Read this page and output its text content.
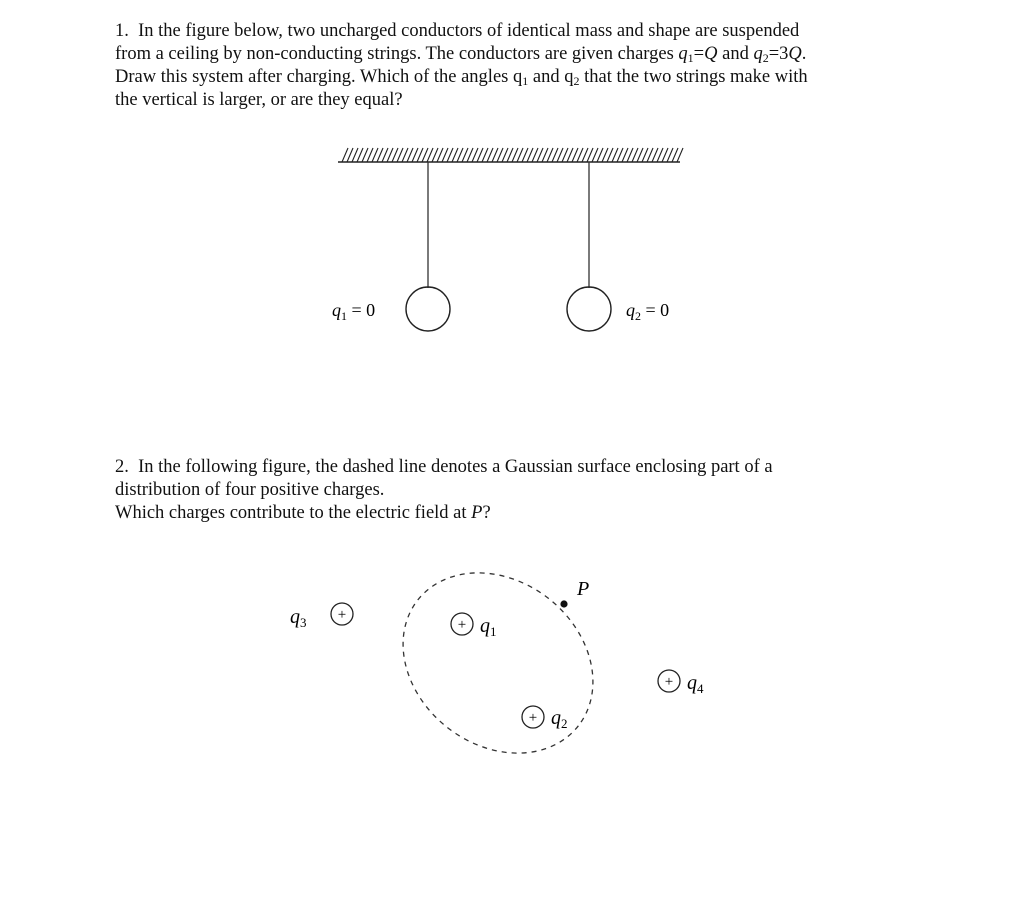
1. In the figure below, two uncharged conductors of identical mass and shape are suspended
from a ceiling by non-conducting strings. The conductors are given charges $q_1=Q$ and $q_2=3Q$.
Draw this system after charging. Which of the angles $q_1$ and $q_2$ that the two strings make with
the vertical is larger, or are they equal?
$q_1 = 0$	$q_2 = 0$
2. In the following figure, the dashed line denotes a Gaussian surface enclosing part of a
distribution of four positive charges.
Which charges contribute to the electric field at P?
P
$q_3$ +
+ $q_1$
+ $q_2$
+ $q_4$
